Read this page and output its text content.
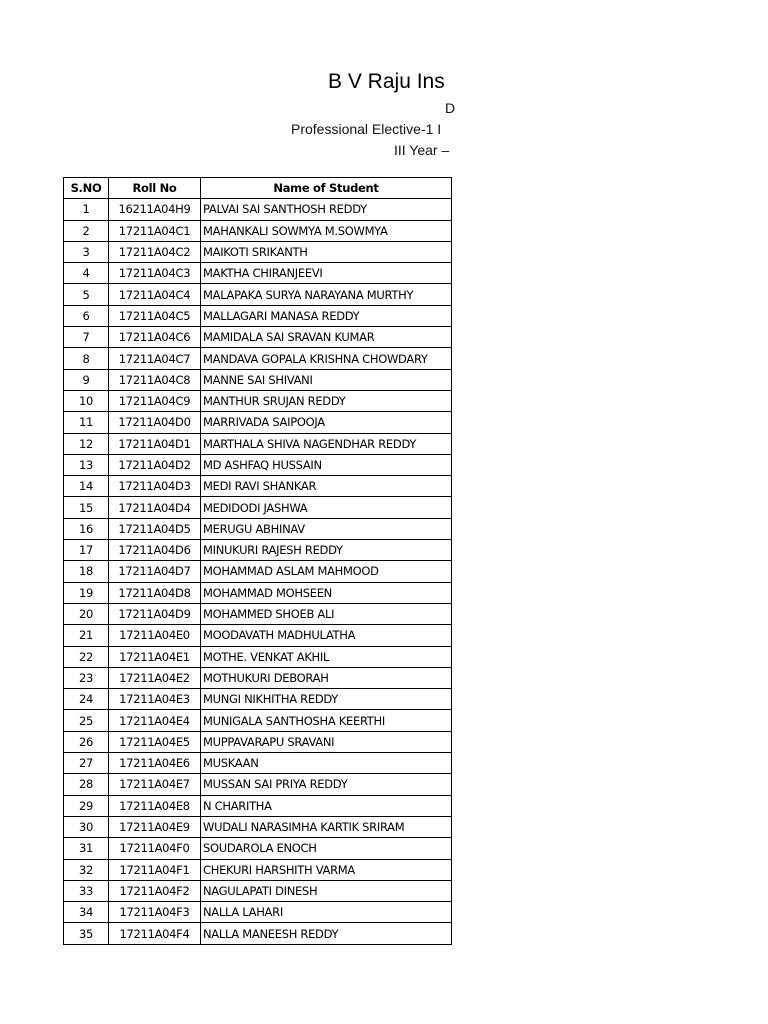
B V Raju Ins
D
Professional Elective-1 I
III Year –
S.NO	Roll No	Name of Student
1	16211A04H9	PALVAI SAI SANTHOSH REDDY
2	17211A04C1	MAHANKALI SOWMYA M.SOWMYA
3	17211A04C2	MAIKOTI SRIKANTH
4	17211A04C3	MAKTHA CHIRANJEEVI
5	17211A04C4	MALAPAKA SURYA NARAYANA MURTHY
6	17211A04C5	MALLAGARI MANASA REDDY
7	17211A04C6	MAMIDALA SAI SRAVAN KUMAR
8	17211A04C7	MANDAVA GOPALA KRISHNA CHOWDARY
9	17211A04C8	MANNE SAI SHIVANI
10	17211A04C9	MANTHUR SRUJAN REDDY
11	17211A04D0	MARRIVADA SAIPOOJA
12	17211A04D1	MARTHALA SHIVA NAGENDHAR REDDY
13	17211A04D2	MD ASHFAQ HUSSAIN
14	17211A04D3	MEDI RAVI SHANKAR
15	17211A04D4	MEDIDODI JASHWA
16	17211A04D5	MERUGU ABHINAV
17	17211A04D6	MINUKURI RAJESH REDDY
18	17211A04D7	MOHAMMAD ASLAM MAHMOOD
19	17211A04D8	MOHAMMAD MOHSEEN
20	17211A04D9	MOHAMMED SHOEB ALI
21	17211A04E0	MOODAVATH MADHULATHA
22	17211A04E1	MOTHE. VENKAT AKHIL
23	17211A04E2	MOTHUKURI DEBORAH
24	17211A04E3	MUNGI NIKHITHA REDDY
25	17211A04E4	MUNIGALA SANTHOSHA KEERTHI
26	17211A04E5	MUPPAVARAPU SRAVANI
27	17211A04E6	MUSKAAN
28	17211A04E7	MUSSAN SAI PRIYA REDDY
29	17211A04E8	N CHARITHA
30	17211A04E9	WUDALI NARASIMHA KARTIK SRIRAM
31	17211A04F0	SOUDAROLA ENOCH
32	17211A04F1	CHEKURI HARSHITH VARMA
33	17211A04F2	NAGULAPATI DINESH
34	17211A04F3	NALLA LAHARI
35	17211A04F4	NALLA MANEESH REDDY
